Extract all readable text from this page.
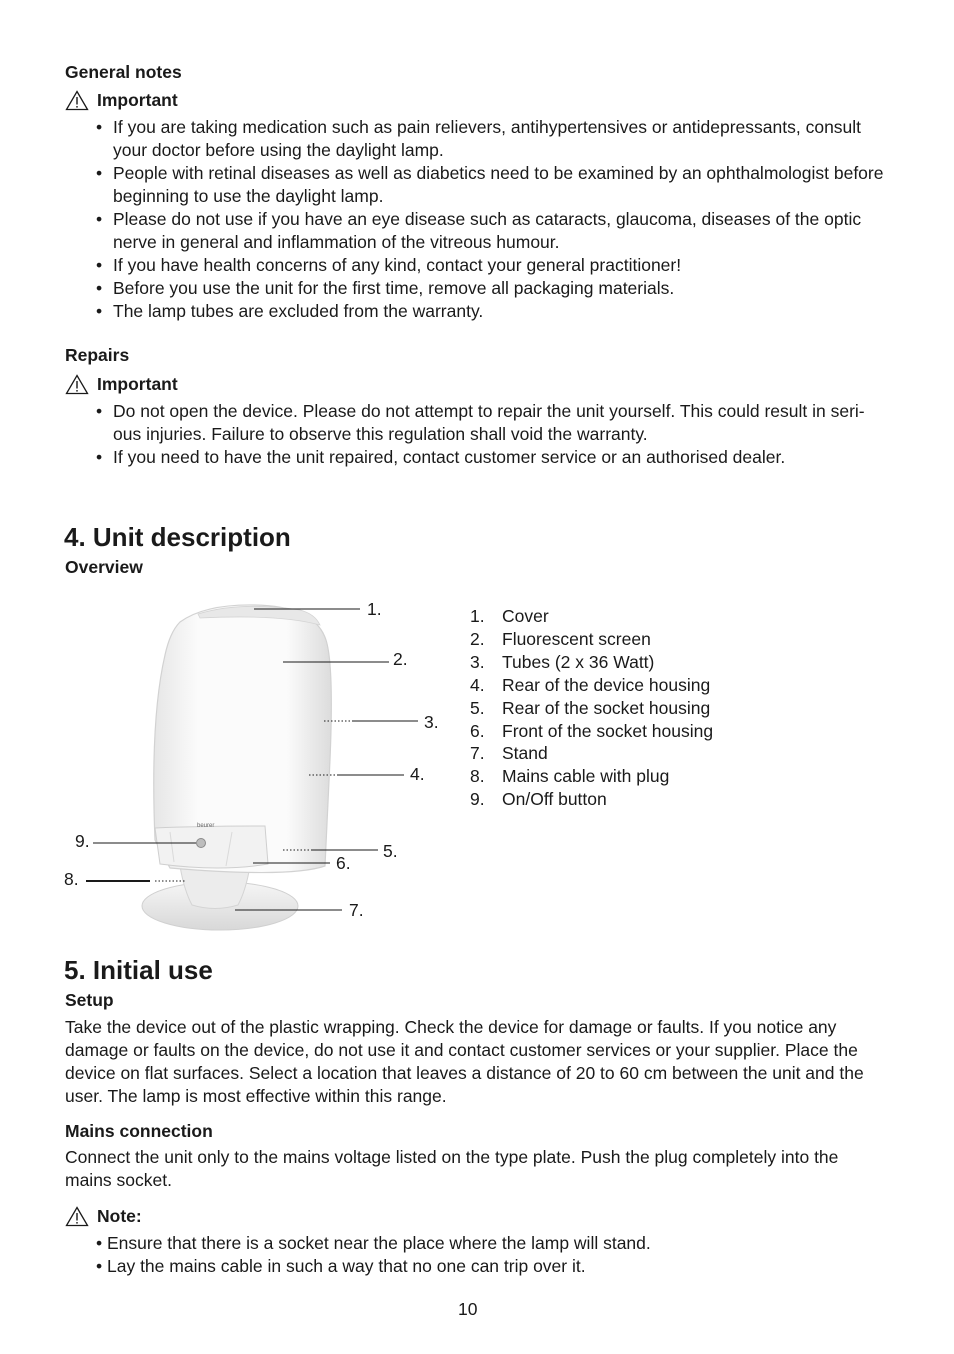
General notes
Important
• If you are taking medication such as pain relievers, antihypertensives or antidepressants, consult your doctor before using the daylight lamp.
• People with retinal diseases as well as diabetics need to be examined by an ophthalmologist before beginning to use the daylight lamp.
• Please do not use if you have an eye disease such as cataracts, glaucoma, diseases of the optic nerve in general and inflammation of the vitreous humour.
• If you have health concerns of any kind, contact your general practitioner!
• Before you use the unit for the first time, remove all packaging materials.
• The lamp tubes are excluded from the warranty.
Repairs
Important
• Do not open the device. Please do not attempt to repair the unit yourself. This could result in seri-ous injuries. Failure to observe this regulation shall void the warranty.
• If you need to have the unit repaired, contact customer service or an authorised dealer.
4. Unit description
Overview
beurer
1.
2.
3.
4.
5.
6.
7.
8.
9.
1. Cover
2. Fluorescent screen
3. Tubes (2 x 36 Watt)
4. Rear of the device housing
5. Rear of the socket housing
6. Front of the socket housing
7. Stand
8. Mains cable with plug
9. On/Off button
5. Initial use
Setup
Take the device out of the plastic wrapping. Check the device for damage or faults. If you notice any damage or faults on the device, do not use it and contact customer services or your supplier. Place the device on flat surfaces. Select a location that leaves a distance of 20 to 60 cm between the unit and the user. The lamp is most effective within this range.
Mains connection
Connect the unit only to the mains voltage listed on the type plate. Push the plug completely into the mains socket.
Note:
• Ensure that there is a socket near the place where the lamp will stand.
• Lay the mains cable in such a way that no one can trip over it.
10
